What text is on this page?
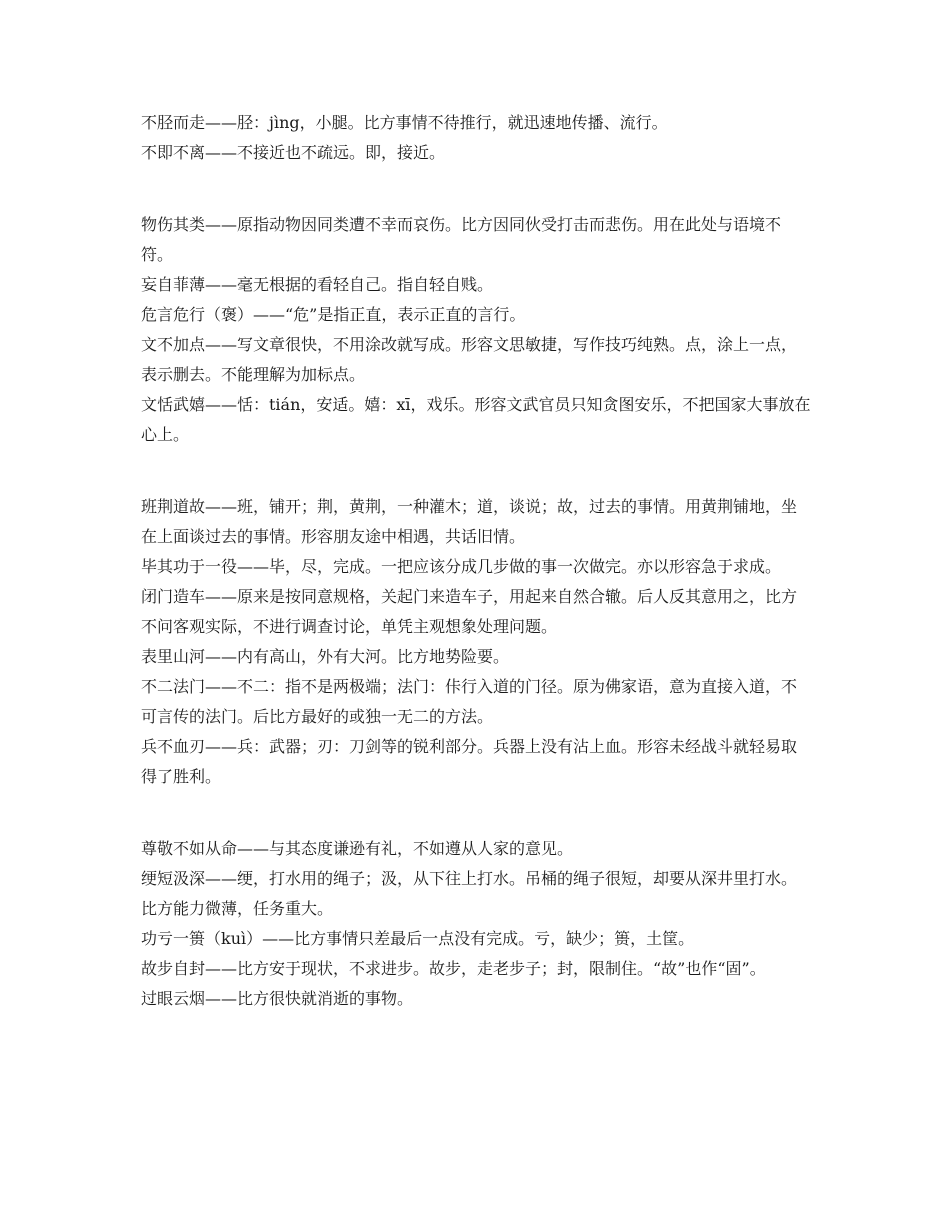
不胫而走——胫：jìng，小腿。比方事情不待推行，就迅速地传播、流行。

不即不离——不接近也不疏远。即，接近。

物伤其类——原指动物因同类遭不幸而哀伤。比方因同伙受打击而悲伤。用在此处与语境不符。

妄自菲薄——毫无根据的看轻自己。指自轻自贱。

危言危行（褒）——“危”是指正直，表示正直的言行。

文不加点——写文章很快，不用涂改就写成。形容文思敏捷，写作技巧纯熟。点，涂上一点，表示删去。不能理解为加标点。

文恬武嬉——恬：tián，安适。嬉：xī，戏乐。形容文武官员只知贪图安乐，不把国家大事放在心上。

班荆道故——班，铺开；荆，黄荆，一种灌木；道，谈说；故，过去的事情。用黄荆铺地，坐在上面谈过去的事情。形容朋友途中相遇，共话旧情。

毕其功于一役——毕，尽，完成。一把应该分成几步做的事一次做完。亦以形容急于求成。

闭门造车——原来是按同意规格，关起门来造车子，用起来自然合辙。后人反其意用之，比方不问客观实际，不进行调查讨论，单凭主观想象处理问题。

表里山河——内有高山，外有大河。比方地势险要。

不二法门——不二：指不是两极端；法门：佧行入道的门径。原为佛家语，意为直接入道，不可言传的法门。后比方最好的或独一无二的方法。

兵不血刃——兵：武器；刃：刀剑等的锐利部分。兵器上没有沾上血。形容未经战斗就轻易取得了胜利。

尊敬不如从命——与其态度谦逊有礼，不如遵从人家的意见。

绠短汲深——绠，打水用的绳子；汲，从下往上打水。吊桶的绳子很短，却要从深井里打水。比方能力微薄，任务重大。

功亏一篑（kuì）——比方事情只差最后一点没有完成。亏，缺少；篑，土筐。

故步自封——比方安于现状，不求进步。故步，走老步子；封，限制住。“故”也作“固”。

过眼云烟——比方很快就消逝的事物。
